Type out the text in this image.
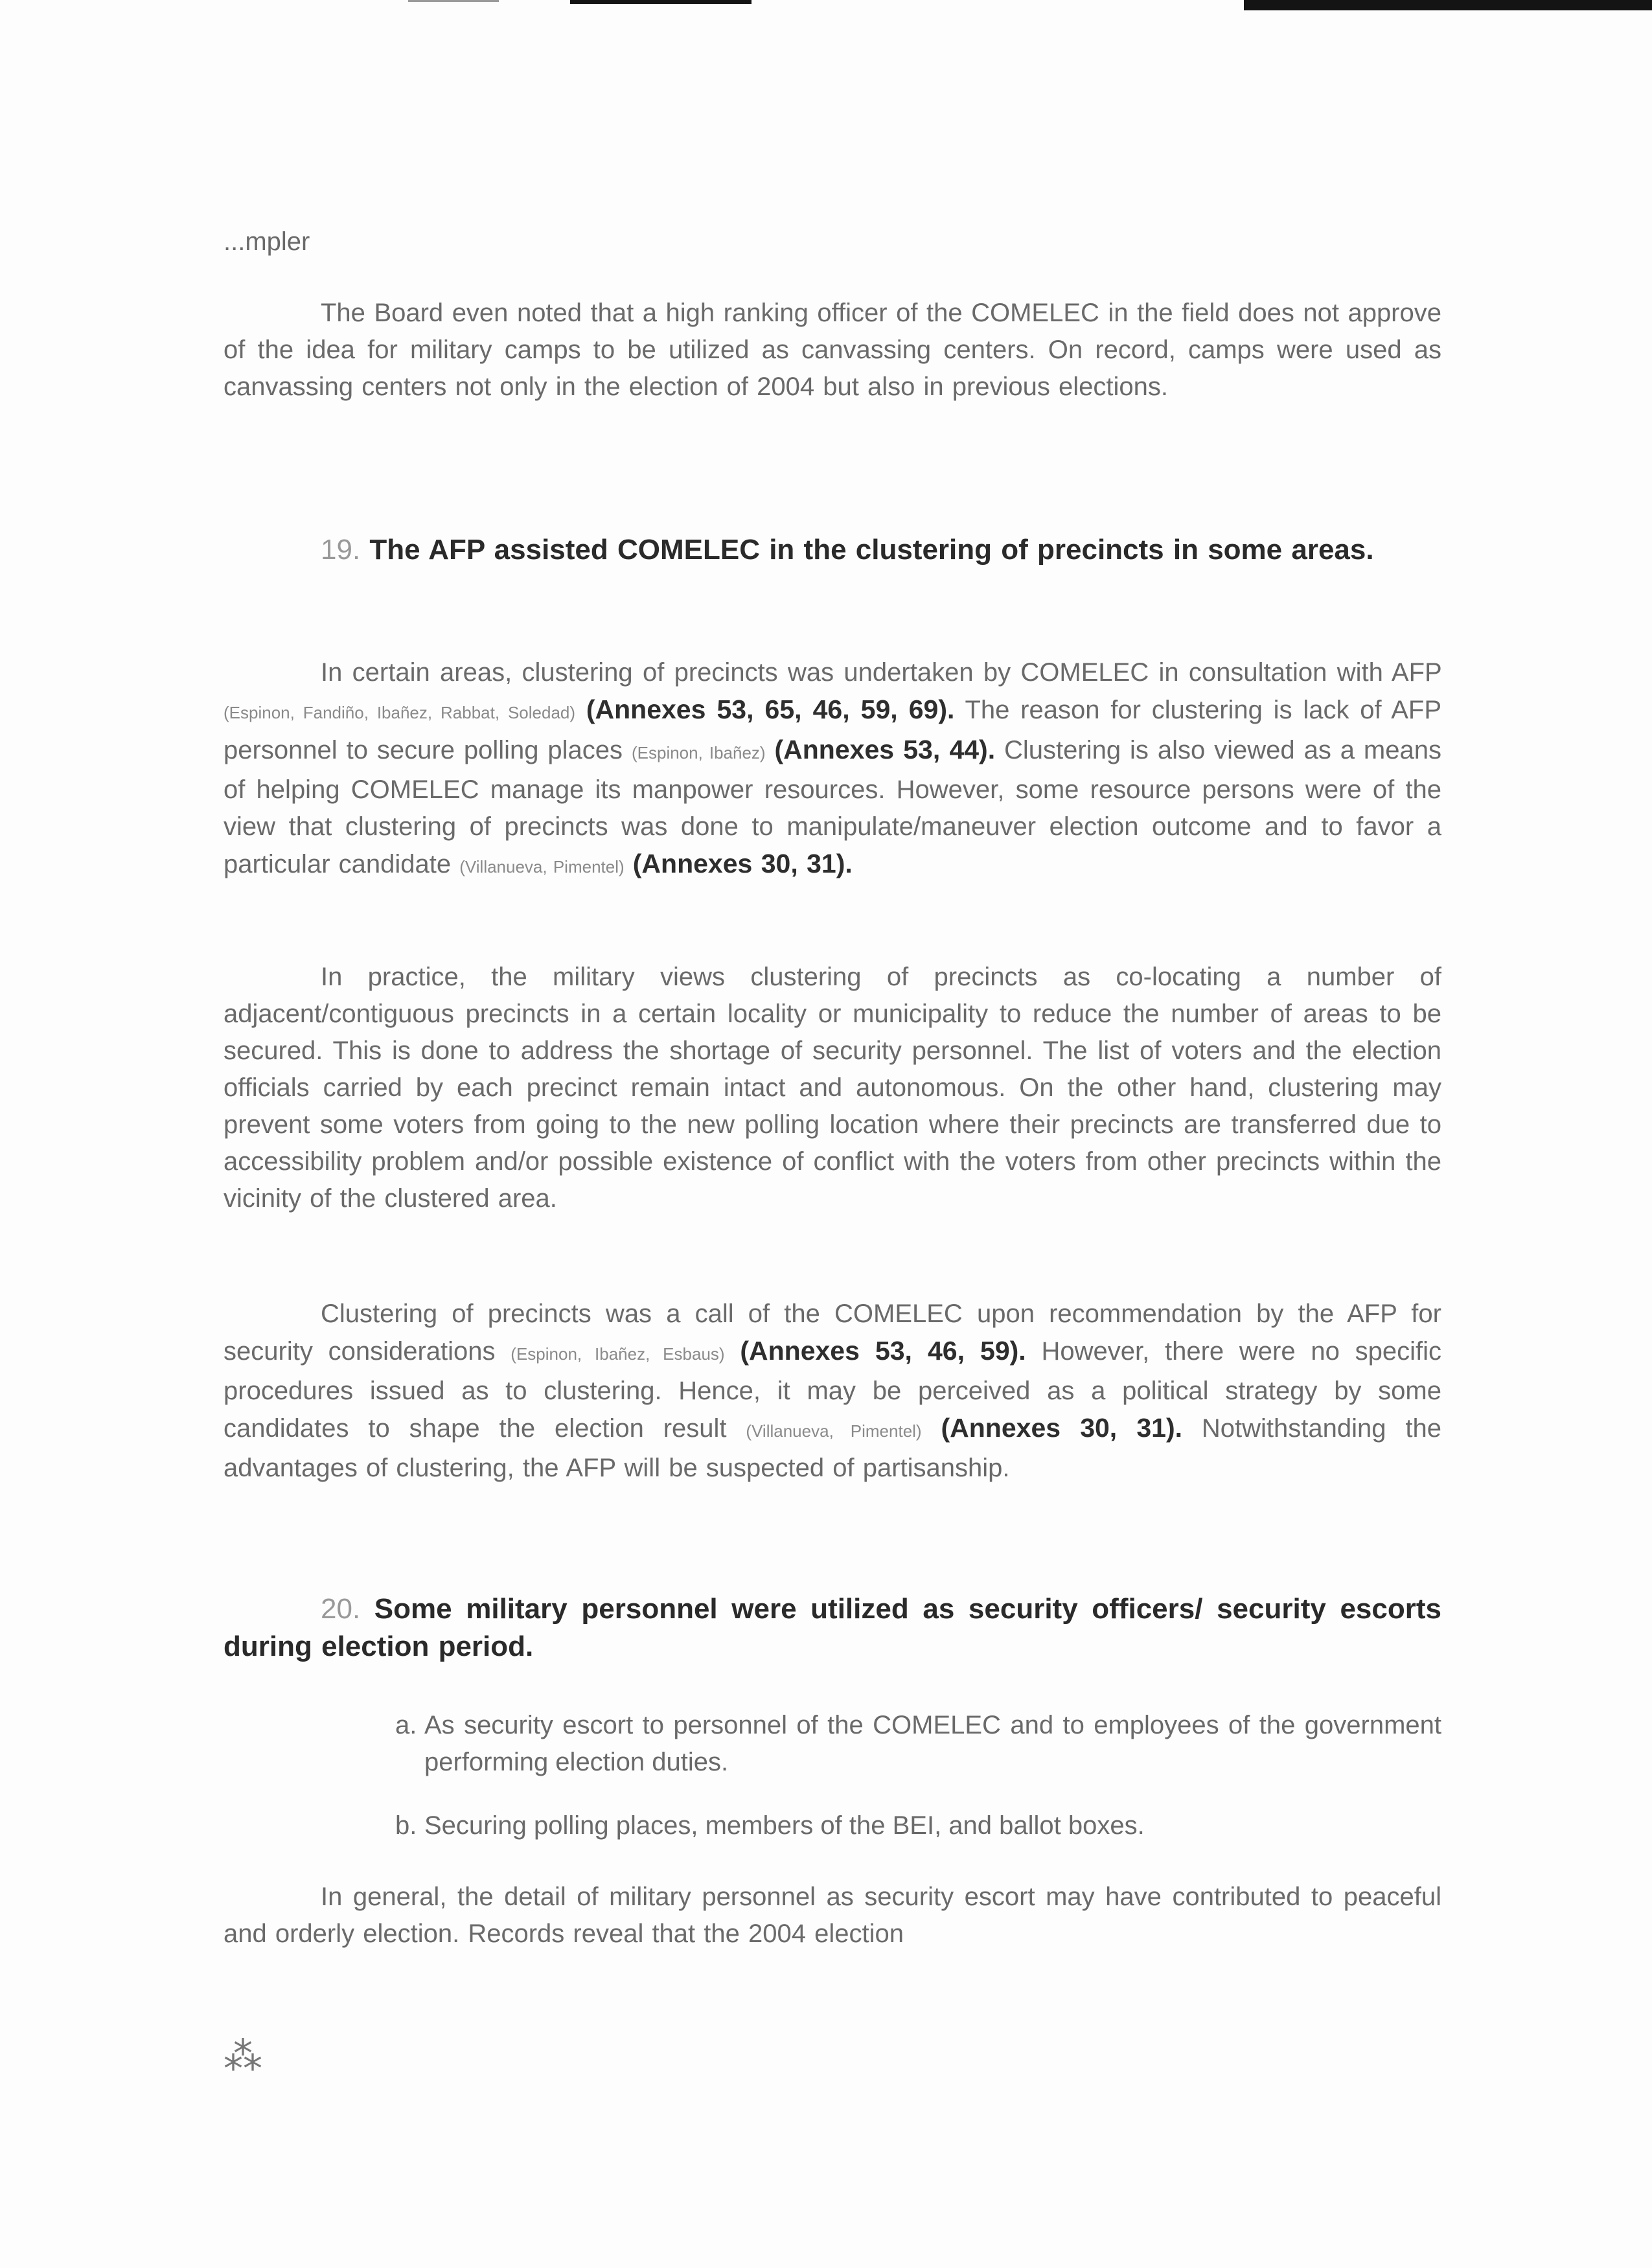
...mpler
The Board even noted that a high ranking officer of the COMELEC in the field does not approve of the idea for military camps to be utilized as canvassing centers. On record, camps were used as canvassing centers not only in the election of 2004 but also in previous elections.
19. The AFP assisted COMELEC in the clustering of precincts in some areas.
In certain areas, clustering of precincts was undertaken by COMELEC in consultation with AFP (Espinon, Fandiño, Ibañez, Rabbat, Soledad) (Annexes 53, 65, 46, 59, 69). The reason for clustering is lack of AFP personnel to secure polling places (Espinon, Ibañez) (Annexes 53, 44). Clustering is also viewed as a means of helping COMELEC manage its manpower resources. However, some resource persons were of the view that clustering of precincts was done to manipulate/maneuver election outcome and to favor a particular candidate (Villanueva, Pimentel) (Annexes 30, 31).
In practice, the military views clustering of precincts as co-locating a number of adjacent/contiguous precincts in a certain locality or municipality to reduce the number of areas to be secured. This is done to address the shortage of security personnel. The list of voters and the election officials carried by each precinct remain intact and autonomous. On the other hand, clustering may prevent some voters from going to the new polling location where their precincts are transferred due to accessibility problem and/or possible existence of conflict with the voters from other precincts within the vicinity of the clustered area.
Clustering of precincts was a call of the COMELEC upon recommendation by the AFP for security considerations (Espinon, Ibañez, Esbaus) (Annexes 53, 46, 59). However, there were no specific procedures issued as to clustering. Hence, it may be perceived as a political strategy by some candidates to shape the election result (Villanueva, Pimentel) (Annexes 30, 31). Notwithstanding the advantages of clustering, the AFP will be suspected of partisanship.
20. Some military personnel were utilized as security officers/ security escorts during election period.
a. As security escort to personnel of the COMELEC and to employees of the government performing election duties.
b. Securing polling places, members of the BEI, and ballot boxes.
In general, the detail of military personnel as security escort may have contributed to peaceful and orderly election. Records reveal that the 2004 election
⁂
